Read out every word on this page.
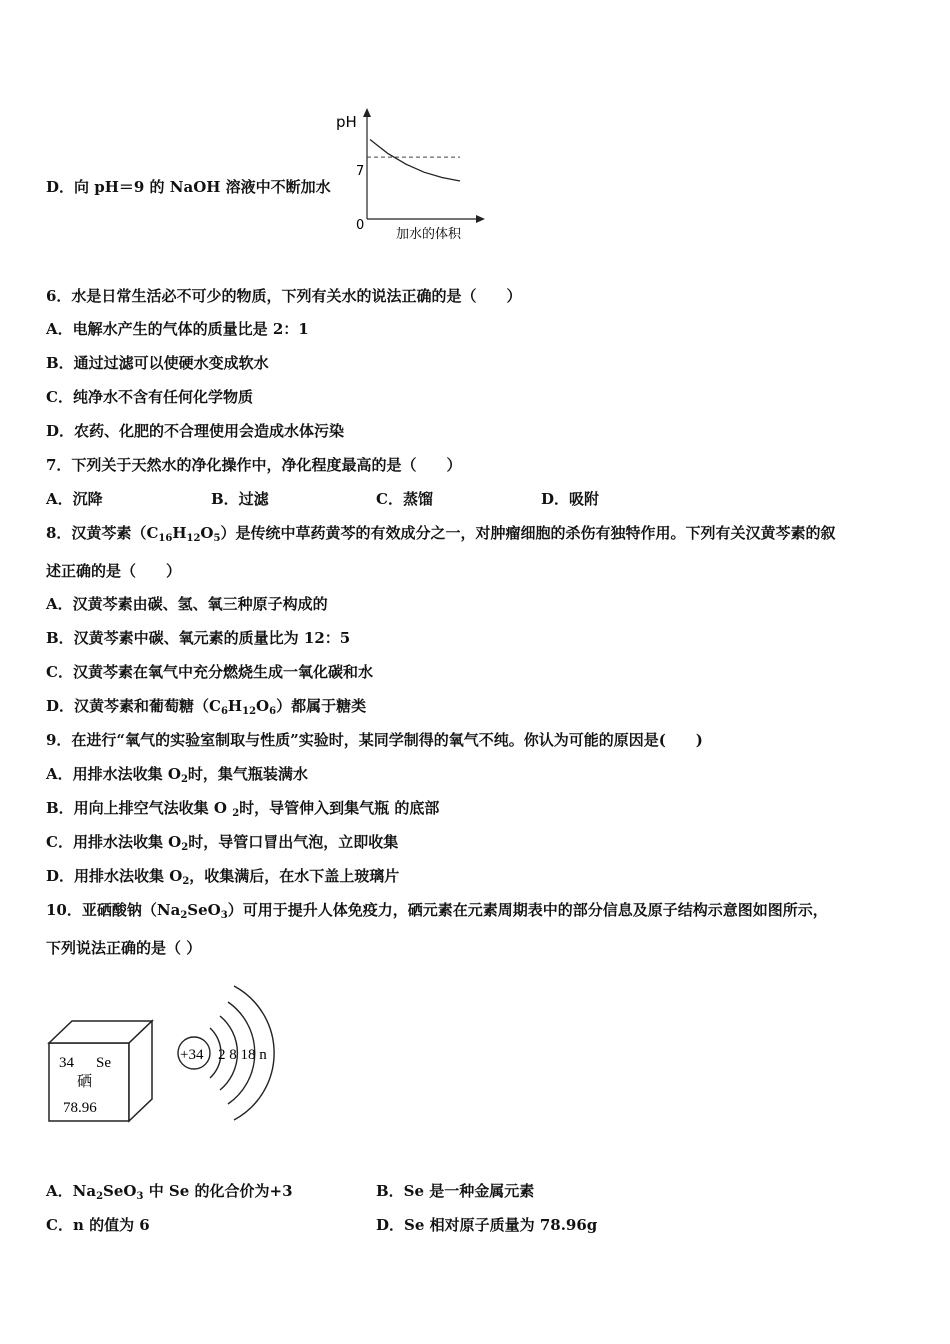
D．向 pH＝9 的 NaOH 溶液中不断加水
pH
7
0
加水的体积
6．水是日常生活必不可少的物质，下列有关水的说法正确的是（　　）
A．电解水产生的气体的质量比是 2：1
B．通过过滤可以使硬水变成软水
C．纯净水不含有任何化学物质
D．农药、化肥的不合理使用会造成水体污染
7．下列关于天然水的净化操作中，净化程度最高的是（　　）
A．沉降	B．过滤	C．蒸馏	D．吸附
8．汉黄芩素$(C_{16}H_{12}O_5)$是传统中草药黄芩的有效成分之一，对肿瘤细胞的杀伤有独特作用。下列有关汉黄芩素的叙
述正确的是（　　）
A．汉黄芩素由碳、氢、氧三种原子构成的
B．汉黄芩素中碳、氧元素的质量比为 12：5
C．汉黄芩素在氧气中充分燃烧生成一氧化碳和水
D．汉黄芩素和葡萄糖$(C_6H_{12}O_6)$都属于糖类
9．在进行“氧气的实验室制取与性质”实验时，某同学制得的氧气不纯。你认为可能的原因是(　　)
A．用排水法收集 $O_2$时，集气瓶装满水
B．用向上排空气法收集 O $_2$时，导管伸入到集气瓶 的底部
C．用排水法收集 $O_2$时，导管口冒出气泡，立即收集
D．用排水法收集 $O_2$，收集满后，在水下盖上玻璃片
10．亚硒酸钠$(Na_2SeO_3)$可用于提升人体免疫力，硒元素在元素周期表中的部分信息及原子结构示意图如图所示，
下列说法正确的是（ ）
34 Se
硒
78.96
+34 2 8 18 n
A．$Na_2SeO_3$ 中 Se 的化合价为+3	B．Se 是一种金属元素
C．n 的值为 6	D．Se 相对原子质量为 78.96g
